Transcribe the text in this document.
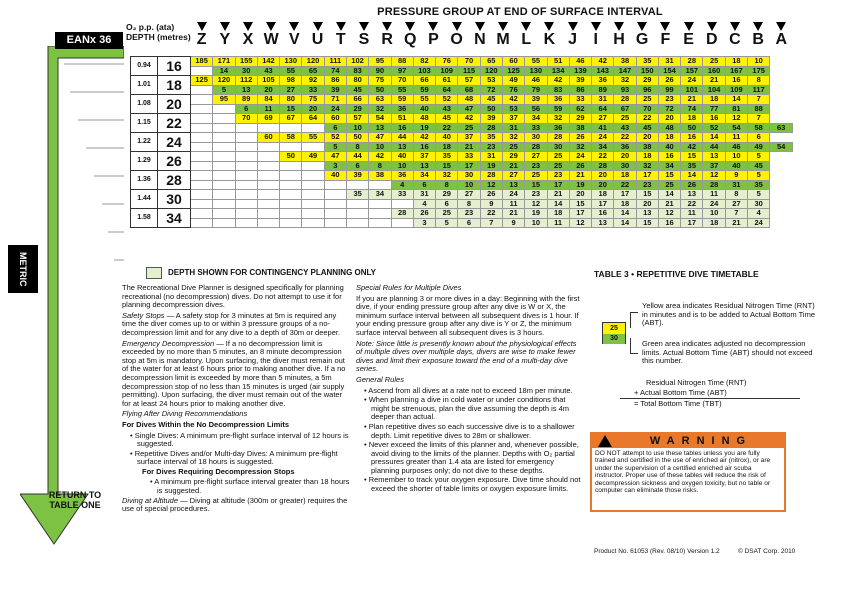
PRESSURE GROUP AT END OF SURFACE INTERVAL
EANx 36
METRIC
RETURN TO TABLE ONE
O₂ p.p. (ata)
DEPTH (metres) Z Y X W V U T S R Q P O N M L K J	I H G F E D C B A
0.94	16	185	171	155	142	130	120	111	102	95	88	82	76	70	65	60	55	51	46	42	38	35	31	28	25	18	10	
			14	30	43	55	65	74	83	90	97	103	109	115	120	125	130	134	139	143	147	150	154	157	160	167	175	
1.01	18	125	120	112	105	98	92	86	80	75	70	66	61	57	53	49	46	42	39	36	32	29	26	24	21	16	8	
			5	13	20	27	33	39	45	50	55	59	64	68	72	76	79	83	86	89	93	96	99	101	104	109	117	
1.08	20		95	89	84	80	75	71	66	63	59	55	52	48	45	42	39	36	33	31	28	25	23	21	18	14	7	
				6	11	15	20	24	29	32	36	40	43	47	50	53	56	59	62	64	67	70	72	74	77	81	88	
1.15	22			70	69	67	64	60	57	54	51	48	45	42	39	37	34	32	29	27	25	22	20	18	16	12	7	
								6	10	13	16	19	22	25	28	31	33	36	38	41	43	45	48	50	52	54	58	63
1.22	24				60	58	55	52	50	47	44	42	40	37	35	32	30	28	26	24	22	20	18	16	14	11	6	
								5	8	10	13	16	18	21	23	25	28	30	32	34	36	38	40	42	44	46	49	54
1.29	26					50	49	47	44	42	40	37	35	33	31	29	27	25	24	22	20	18	16	15	13	10	5	
								3	6	8	10	13	15	17	19	21	23	25	26	28	30	32	34	35	37	40	45	
1.36	28							40	39	38	36	34	32	30	28	27	25	23	21	20	18	17	15	14	12	9	5	
											4	6	8	10	12	13	15	17	19	20	22	23	25	26	28	31	35	
1.44	30								35	34	33	31	29	27	26	24	23	21	20	18	17	15	14	13	11	8	5	
												4	6	8	9	11	12	14	15	17	18	20	21	22	24	27	30	
1.58	34										28	26	25	23	22	21	19	18	17	16	14	13	12	11	10	7	4	
												3	5	6	7	9	10	11	12	13	14	15	16	17	18	21	24	
DEPTH SHOWN FOR CONTINGENCY PLANNING ONLY	TABLE 3 • REPETITIVE DIVE TIMETABLE

The Recreational Dive Planner is designed specifically for planning recreational (no decompression) dives. Do not attempt to use it for planning decompression dives.

Safety Stops — A safety stop for 3 minutes at 5m is required any time the diver comes up to or within 3 pressure groups of a no-decompression limit and for any dive to a depth of 30m or deeper.

Emergency Decompression — If a no decompression limit is exceeded by no more than 5 minutes, an 8 minute decompression stop at 5m is mandatory. Upon surfacing, the diver must remain out of the water for at least 6 hours prior to making another dive. If a no decompression limit is exceeded by more than 5 minutes, a 5m decompression stop of no less than 15 minutes is urged (air supply permitting). Upon surfacing, the diver must remain out of the water for at least 24 hours prior to making another dive.

Flying After Diving Recommendations

For Dives Within the No Decompression Limits

• Single Dives: A minimum pre-flight surface interval of 12 hours is suggested.
• Repetitive Dives and/or Multi-day Dives: A minimum pre-flight surface interval of 18 hours is suggested.

For Dives Requiring Decompression Stops

• A minimum pre-flight surface interval greater than 18 hours is suggested.

Diving at Altitude — Diving at altitude (300m or greater) requires the use of special procedures.

Special Rules for Multiple Dives

If you are planning 3 or more dives in a day: Beginning with the first dive, if your ending pressure group after any dive is W or X, the minimum surface interval between all subsequent dives is 1 hour. If your ending pressure group after any dive is Y or Z, the minimum surface interval between all subsequent dives is 3 hours.

Note: Since little is presently known about the physiological effects of multiple dives over multiple days, divers are wise to make fewer dives and limit their exposure toward the end of a multi-day dive series.

General Rules

• Ascend from all dives at a rate not to exceed 18m per minute.
• When planning a dive in cold water or under conditions that might be strenuous, plan the dive assuming the depth is 4m deeper than actual.
• Plan repetitive dives so each successive dive is to a shallower depth. Limit repetitive dives to 28m or shallower.
• Never exceed the limits of this planner and, whenever possible, avoid diving to the limits of the planner. Depths with O₂ partial pressures greater than 1.4 ata are listed for emergency planning purposes only; do not dive to these depths.
• Remember to track your oxygen exposure. Dive time should not exceed the shorter of table limits or oxygen exposure limits.
25
30
Yellow area indicates Residual Nitrogen Time (RNT) in minutes and is to be added to Actual Bottom Time (ABT).
Green area indicates adjusted no decompression limits. Actual Bottom Time (ABT) should not exceed this number.
Residual Nitrogen Time (RNT)
+ Actual Bottom Time (ABT)
= Total Bottom Time (TBT)
WARNING
DO NOT attempt to use these tables unless you are fully trained and certified in the use of enriched air (nitrox), or are under the supervision of a certified enriched air scuba instructor. Proper use of these tables will reduce the risk of decompression sickness and oxygen toxicity, but no table or computer can eliminate those risks.
Product No. 61053 (Rev. 08/10) Version 1.2	© DSAT Corp. 2010
